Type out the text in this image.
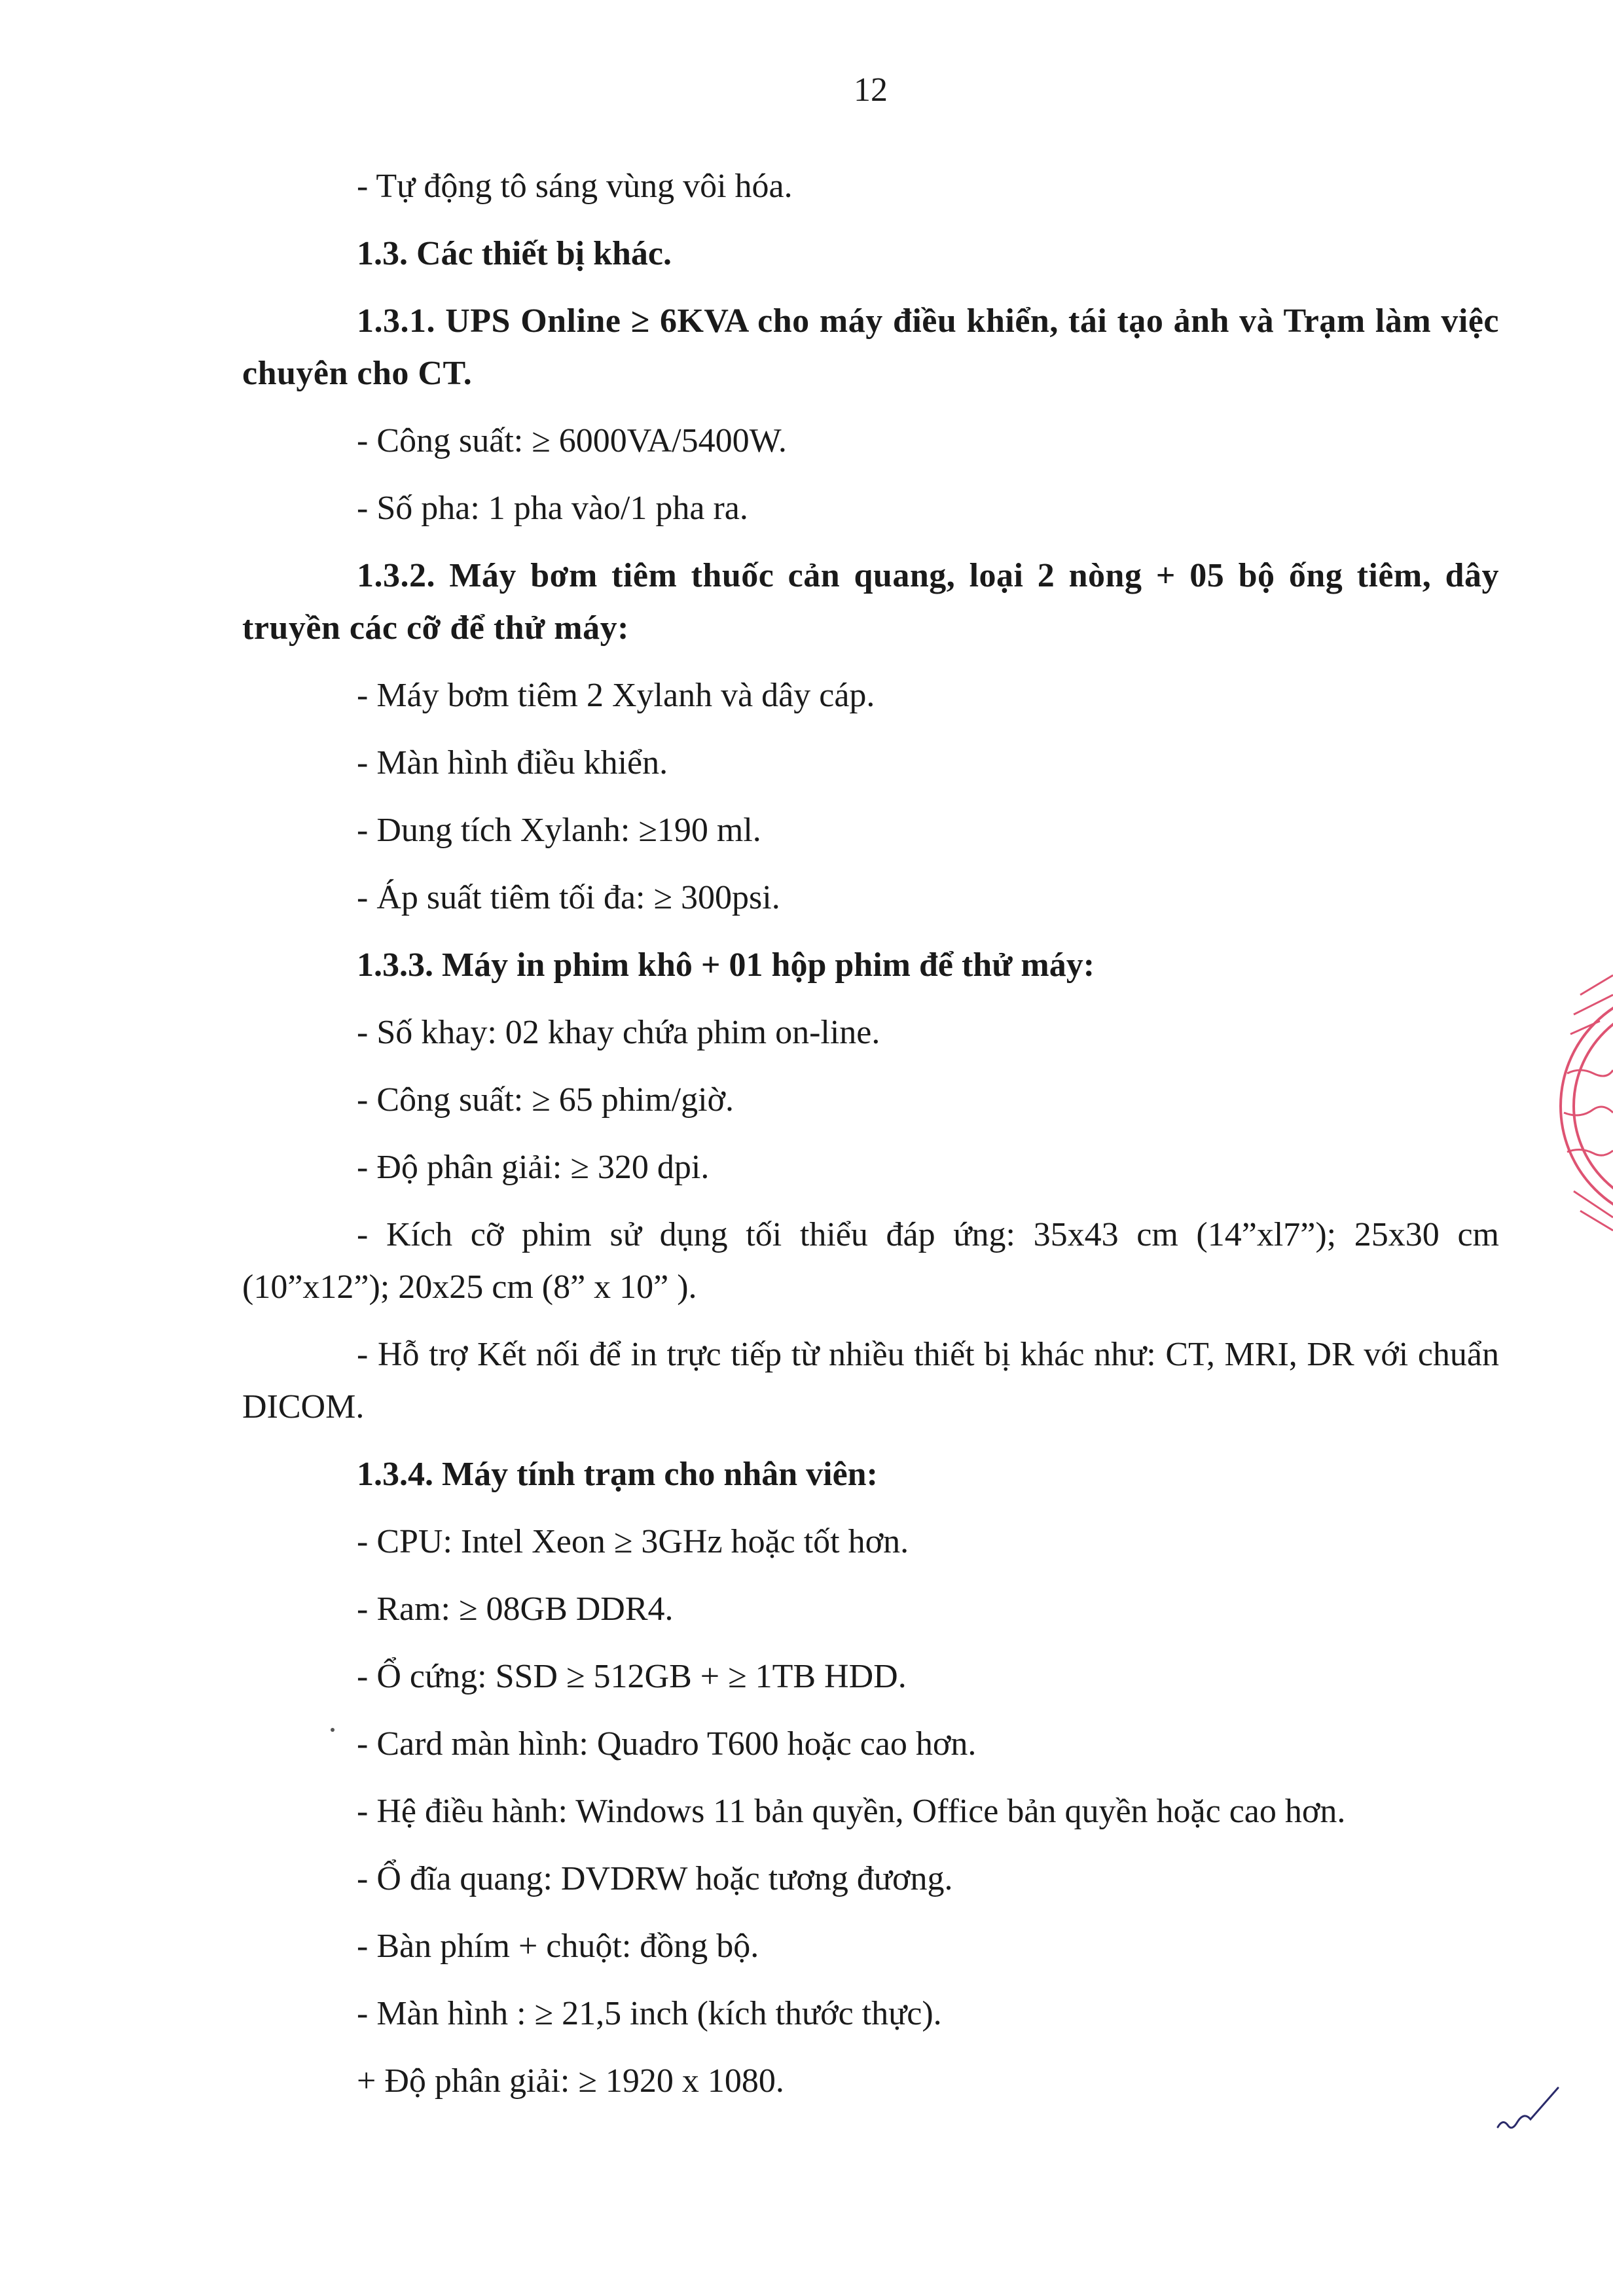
12
- Tự động tô sáng vùng vôi hóa.
1.3. Các thiết bị khác.
1.3.1. UPS Online ≥ 6KVA cho máy điều khiển, tái tạo ảnh và Trạm làm việc chuyên cho CT.
- Công suất: ≥ 6000VA/5400W.
- Số pha: 1 pha vào/1 pha ra.
1.3.2. Máy bơm tiêm thuốc cản quang, loại 2 nòng + 05 bộ ống tiêm, dây truyền các cỡ để thử máy:
- Máy bơm tiêm 2 Xylanh và dây cáp.
- Màn hình điều khiển.
- Dung tích Xylanh: ≥190 ml.
- Áp suất tiêm tối đa: ≥ 300psi.
1.3.3. Máy in phim khô + 01 hộp phim để thử máy:
- Số khay: 02 khay chứa phim on-line.
- Công suất: ≥ 65 phim/giờ.
- Độ phân giải: ≥ 320 dpi.
- Kích cỡ phim sử dụng tối thiểu đáp ứng: 35x43 cm (14”xl7”); 25x30 cm (10”x12”); 20x25 cm (8” x 10” ).
- Hỗ trợ Kết nối để in trực tiếp từ nhiều thiết bị khác như: CT, MRI, DR với chuẩn DICOM.
1.3.4. Máy tính trạm cho nhân viên:
- CPU: Intel Xeon ≥ 3GHz hoặc tốt hơn.
- Ram: ≥ 08GB DDR4.
- Ổ cứng: SSD ≥ 512GB + ≥ 1TB HDD.
- Card màn hình: Quadro T600 hoặc cao hơn.
- Hệ điều hành: Windows 11 bản quyền, Office bản quyền hoặc cao hơn.
- Ổ đĩa quang: DVDRW hoặc tương đương.
- Bàn phím + chuột: đồng bộ.
- Màn hình : ≥ 21,5 inch (kích thước thực).
+ Độ phân giải: ≥ 1920 x 1080.
